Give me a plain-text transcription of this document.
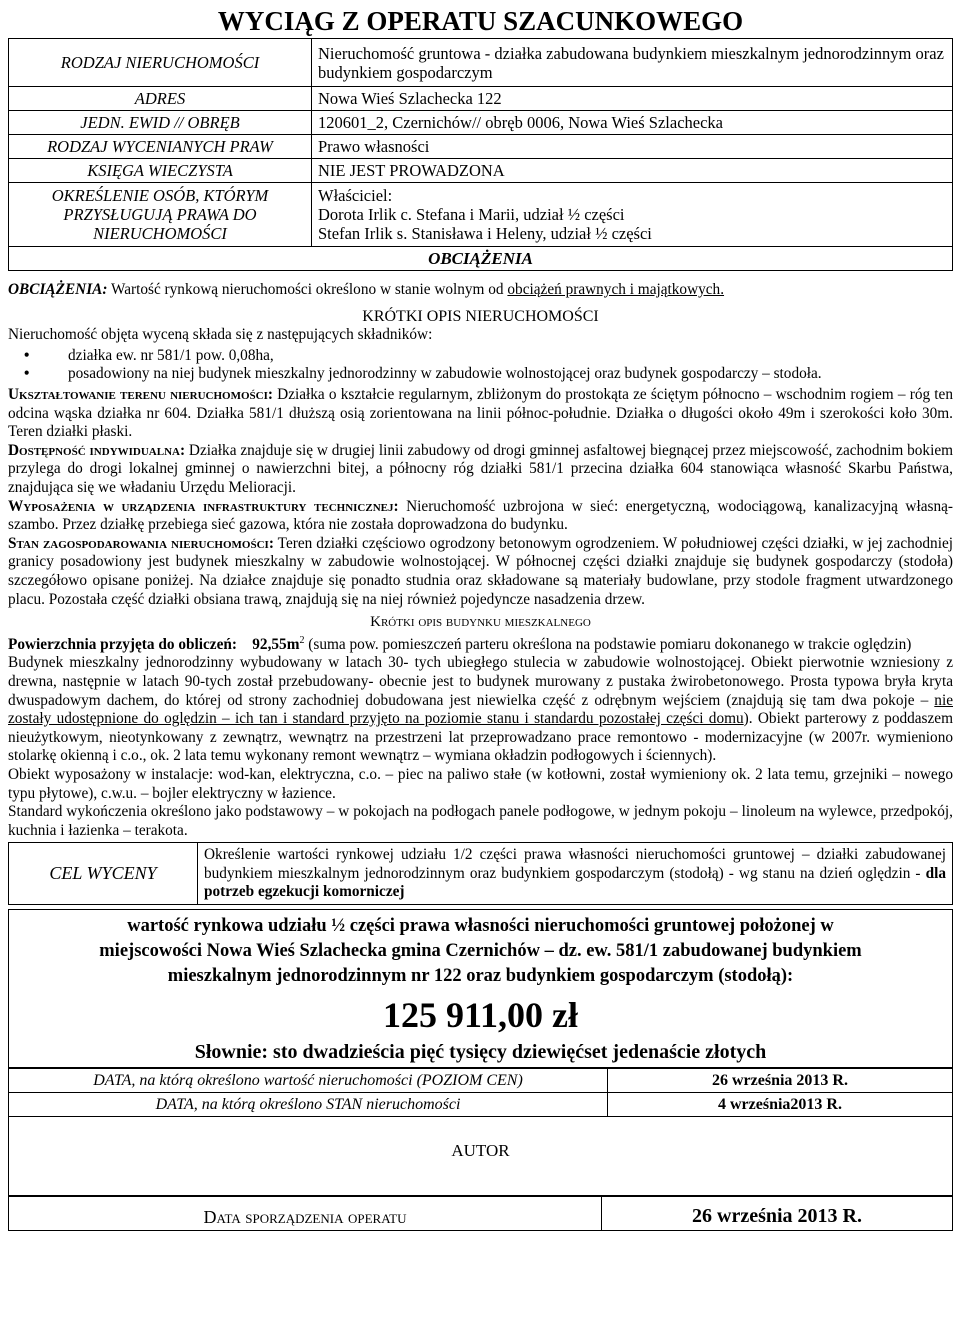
WYCIĄG Z OPERATU SZACUNKOWEGO
RODZAJ NIERUCHOMOŚCI	Nieruchomość gruntowa - działka zabudowana budynkiem mieszkalnym jednorodzinnym oraz budynkiem gospodarczym
ADRES	Nowa Wieś Szlachecka 122
JEDN. EWID // OBRĘB	120601_2, Czernichów// obręb 0006, Nowa Wieś Szlachecka
RODZAJ WYCENIANYCH PRAW	Prawo własności
KSIĘGA WIECZYSTA	NIE JEST PROWADZONA
OKREŚLENIE OSÓB, KTÓRYM PRZYSŁUGUJĄ PRAWA DO NIERUCHOMOŚCI	Właściciel:
Dorota Irlik c. Stefana i Marii, udział ½ części
Stefan Irlik s. Stanisława i Heleny, udział ½ części

OBCIĄŻENIA	

OBCIĄŻENIA: Wartość rynkową nieruchomości określono w stanie wolnym od obciążeń prawnych i majątkowych.

KRÓTKI OPIS NIERUCHOMOŚCI

Nieruchomość objęta wyceną składa się z następujących składników:

• działka ew. nr 581/1 pow. 0,08ha,
• posadowiony na niej budynek mieszkalny jednorodzinny w zabudowie wolnostojącej oraz budynek gospodarczy – stodoła.

Ukształtowanie terenu nieruchomości: Działka o kształcie regularnym, zbliżonym do prostokąta ze ściętym północno – wschodnim rogiem – róg ten odcina wąska działka nr 604. Działka 581/1 dłuższą osią zorientowana na linii północ-południe. Działka o długości około 49m i szerokości koło 30m. Teren działki płaski.

Dostępność indywidualna: Działka znajduje się w drugiej linii zabudowy od drogi gminnej asfaltowej biegnącej przez miejscowość, zachodnim bokiem przylega do drogi lokalnej gminnej o nawierzchni bitej, a północny róg działki 581/1 przecina działka 604 stanowiąca własność Skarbu Państwa, znajdująca się we władaniu Urzędu Melioracji.

Wyposażenia w urządzenia infrastruktury technicznej: Nieruchomość uzbrojona w sieć: energetyczną, wodociągową, kanalizacyjną własną- szambo. Przez działkę przebiega sieć gazowa, która nie została doprowadzona do budynku.

Stan zagospodarowania nieruchomości: Teren działki częściowo ogrodzony betonowym ogrodzeniem. W południowej części działki, w jej zachodniej granicy posadowiony jest budynek mieszkalny w zabudowie wolnostojącej. W północnej części działki znajduje się budynek gospodarczy (stodoła) szczegółowo opisane poniżej. Na działce znajduje się ponadto studnia oraz składowane są materiały budowlane, przy stodole fragment utwardzonego placu. Pozostała część działki obsiana trawą, znajdują się na niej również pojedyncze nasadzenia drzew.

Krótki opis budynku mieszkalnego

Powierzchnia przyjęta do obliczeń: $92,55m^2$ (suma pow. pomieszczeń parteru określona na podstawie pomiaru dokonanego w trakcie oględzin)

Budynek mieszkalny jednorodzinny wybudowany w latach 30- tych ubiegłego stulecia w zabudowie wolnostojącej. Obiekt pierwotnie wzniesiony z drewna, następnie w latach 90-tych został przebudowany- obecnie jest to budynek murowany z pustaka żwirobetonowego. Prosta typowa bryła kryta dwuspadowym dachem, do której od strony zachodniej dobudowana jest niewielka część z odrębnym wejściem (znajdują się tam dwa pokoje – nie zostały udostępnione do oględzin – ich tan i standard przyjęto na poziomie stanu i standardu pozostałej części domu). Obiekt parterowy z poddaszem nieużytkowym, nieotynkowany z zewnątrz, wewnątrz na przestrzeni lat przeprowadzano prace remontowo - modernizacyjne (w 2007r. wymieniono stolarkę okienną i c.o., ok. 2 lata temu wykonany remont wewnątrz – wymiana okładzin podłogowych i ściennych).

Obiekt wyposażony w instalacje: wod-kan, elektryczna, c.o. – piec na paliwo stałe (w kotłowni, został wymieniony ok. 2 lata temu, grzejniki – nowego typu płytowe), c.w.u. – bojler elektryczny w łazience.

Standard wykończenia określono jako podstawowy – w pokojach na podłogach panele podłogowe, w jednym pokoju – linoleum na wylewce, przedpokój, kuchnia i łazienka – terakota.

CEL WYCENY	Określenie wartości rynkowej udziału 1/2 części prawa własności nieruchomości gruntowej – działki zabudowanej budynkiem mieszkalnym jednorodzinnym oraz budynkiem gospodarczym (stodołą) - wg stanu na dzień oględzin - dla potrzeb egzekucji komorniczej
wartość rynkowa udziału ½ części prawa własności nieruchomości gruntowej położonej w
miejscowości Nowa Wieś Szlachecka gmina Czernichów – dz. ew. 581/1 zabudowanej budynkiem
mieszkalnym jednorodzinnym nr 122 oraz budynkiem gospodarczym (stodołą):
125 911,00 zł
Słownie: sto dwadzieścia pięć tysięcy dziewięćset jedenaście złotych
DATA, na którą określono wartość nieruchomości (POZIOM CEN)	26 września 2013 R.
DATA, na którą określono STAN nieruchomości	4 września2013 R.
AUTOR
Data sporządzenia operatu	26 września 2013 R.
